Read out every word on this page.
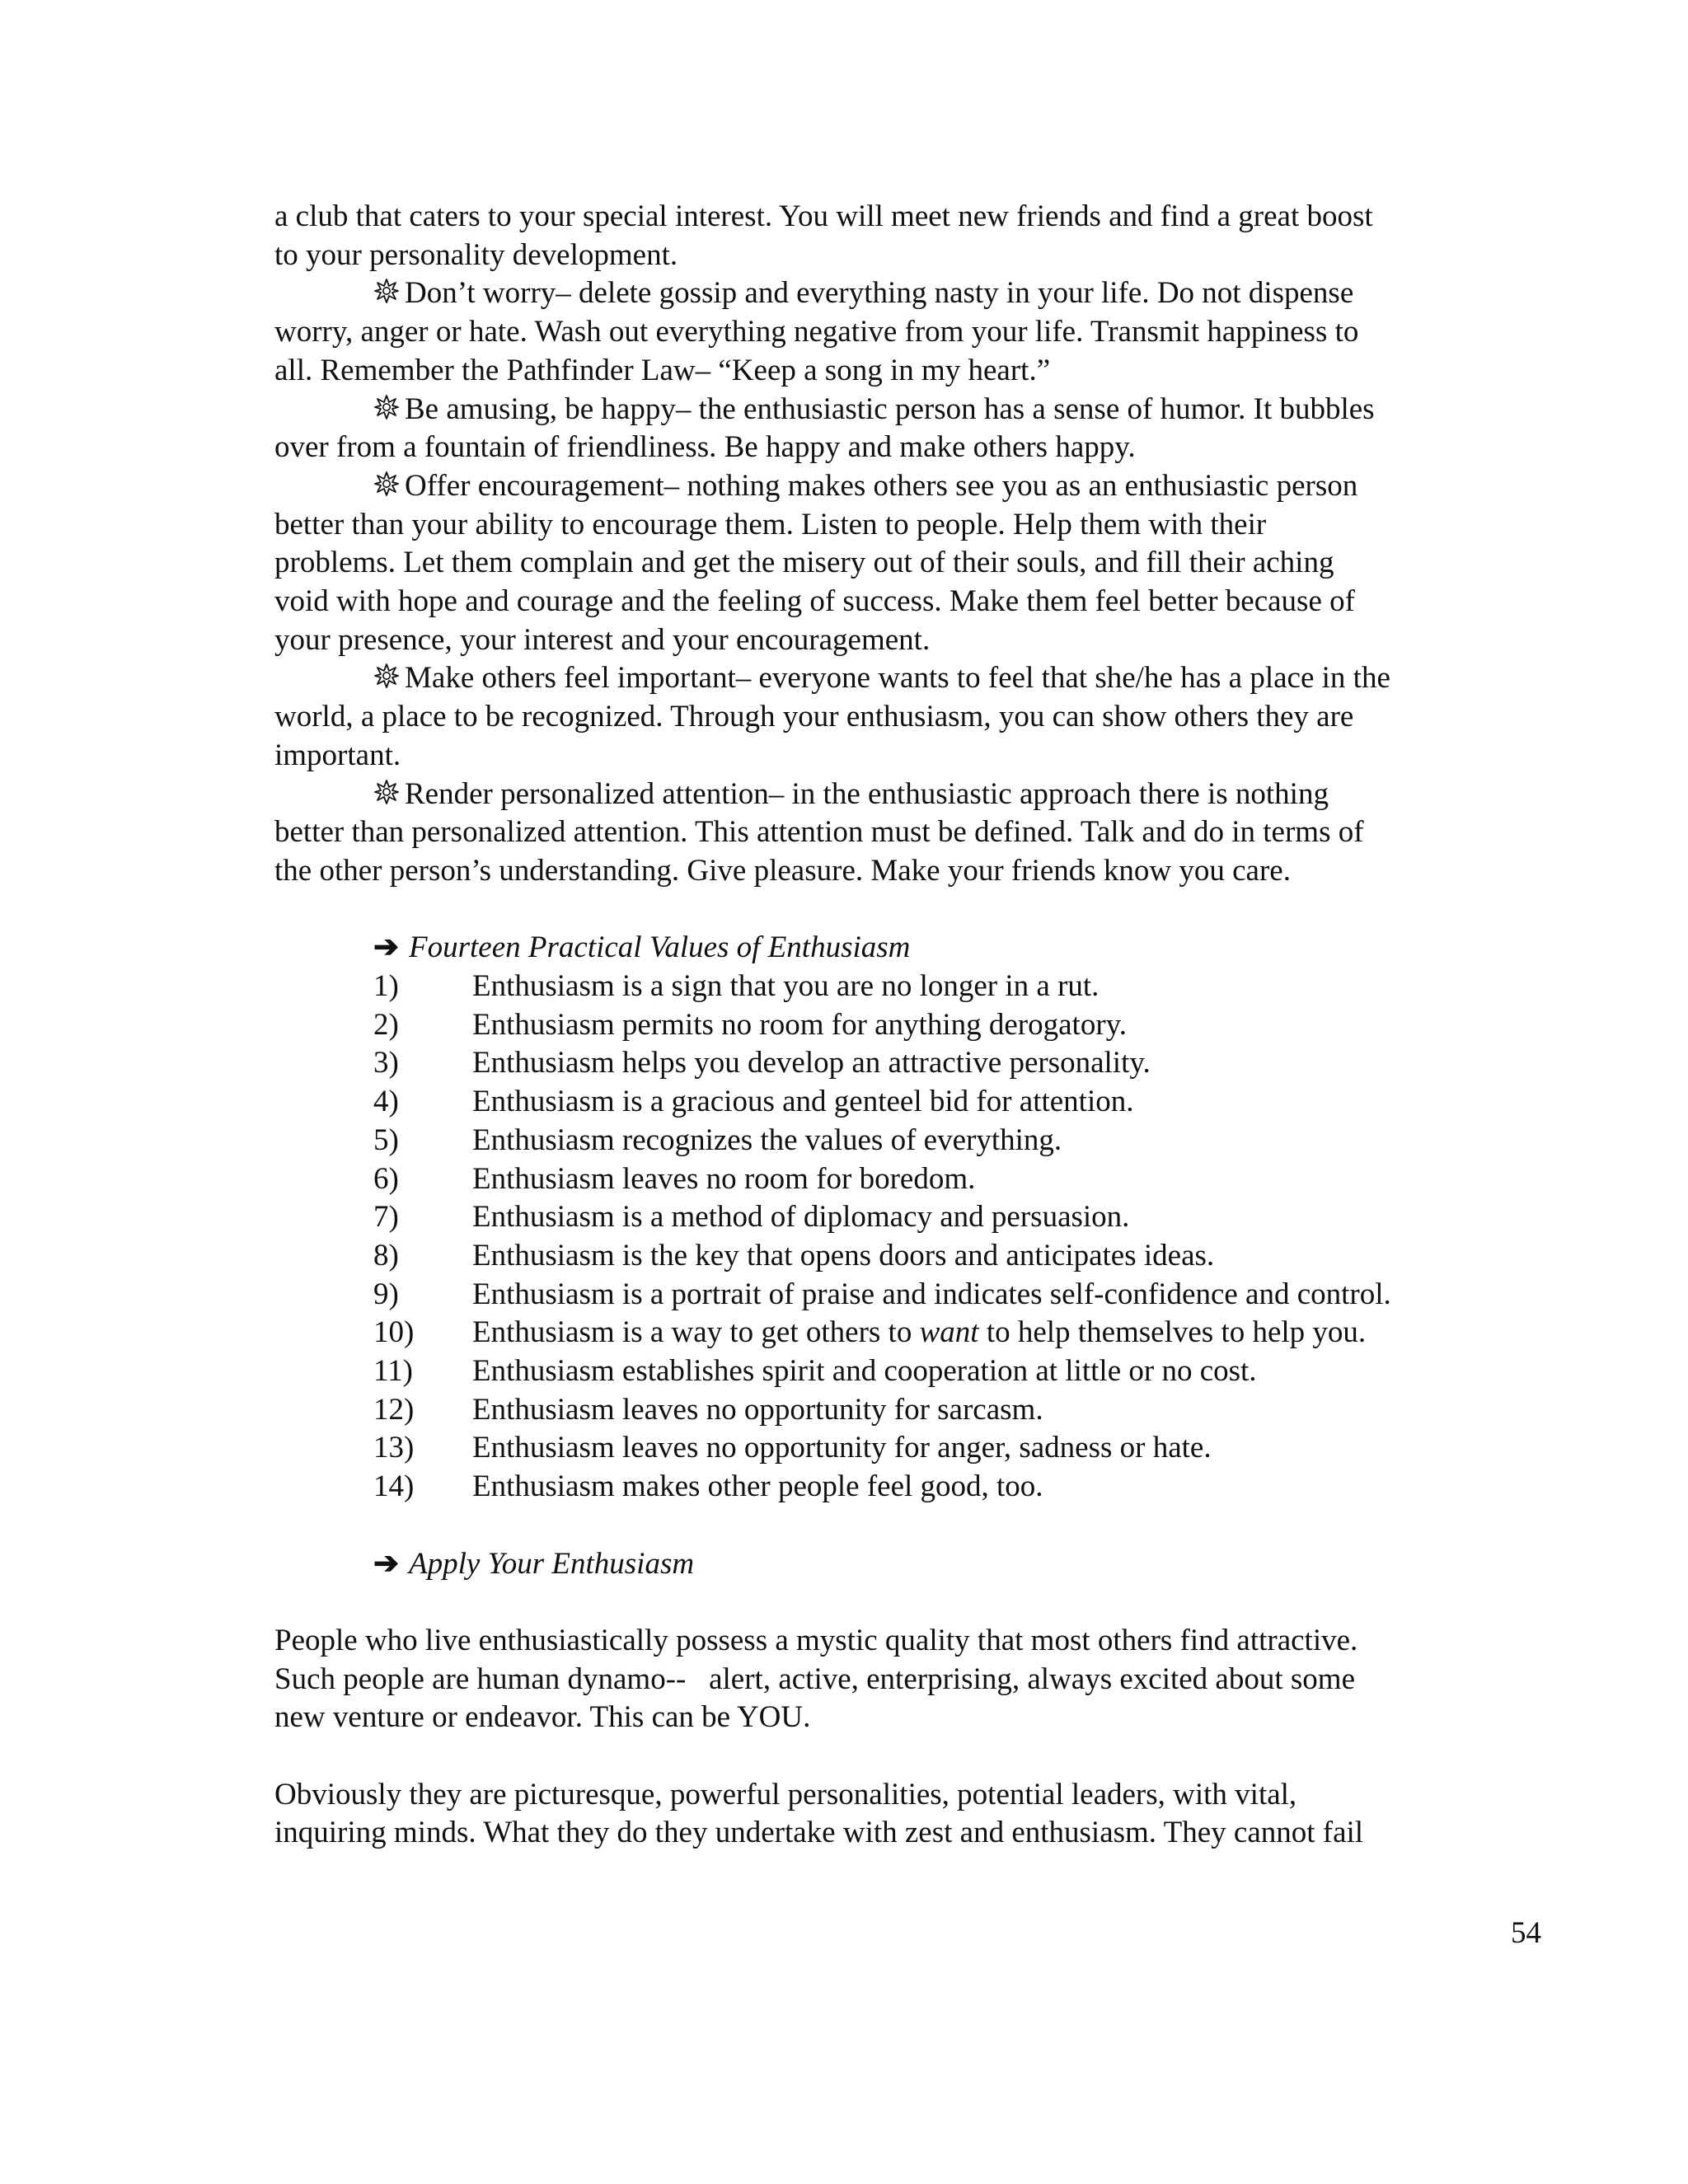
a club that caters to your special interest. You will meet new friends and find a great boost
to your personality development.

Don’t worry– delete gossip and everything nasty in your life. Do not dispense
worry, anger or hate. Wash out everything negative from your life. Transmit happiness to
all. Remember the Pathfinder Law– “Keep a song in my heart.”

Be amusing, be happy– the enthusiastic person has a sense of humor. It bubbles
over from a fountain of friendliness. Be happy and make others happy.

Offer encouragement– nothing makes others see you as an enthusiastic person
better than your ability to encourage them. Listen to people. Help them with their
problems. Let them complain and get the misery out of their souls, and fill their aching
void with hope and courage and the feeling of success. Make them feel better because of
your presence, your interest and your encouragement.

Make others feel important– everyone wants to feel that she/he has a place in the
world, a place to be recognized. Through your enthusiasm, you can show others they are
important.

Render personalized attention– in the enthusiastic approach there is nothing
better than personalized attention. This attention must be defined. Talk and do in terms of
the other person’s understanding. Give pleasure. Make your friends know you care.

➔ Fourteen Practical Values of Enthusiasm

1)	Enthusiasm is a sign that you are no longer in a rut.
2)	Enthusiasm permits no room for anything derogatory.
3)	Enthusiasm helps you develop an attractive personality.
4)	Enthusiasm is a gracious and genteel bid for attention.
5)	Enthusiasm recognizes the values of everything.
6)	Enthusiasm leaves no room for boredom.
7)	Enthusiasm is a method of diplomacy and persuasion.
8)	Enthusiasm is the key that opens doors and anticipates ideas.
9)	Enthusiasm is a portrait of praise and indicates self-confidence and control.
10)	Enthusiasm is a way to get others to want to help themselves to help you.
11)	Enthusiasm establishes spirit and cooperation at little or no cost.
12)	Enthusiasm leaves no opportunity for sarcasm.
13)	Enthusiasm leaves no opportunity for anger, sadness or hate.
14)	Enthusiasm makes other people feel good, too.

➔ Apply Your Enthusiasm

People who live enthusiastically possess a mystic quality that most others find attractive.
Such people are human dynamo--   alert, active, enterprising, always excited about some
new venture or endeavor. This can be YOU.

Obviously they are picturesque, powerful personalities, potential leaders, with vital,
inquiring minds. What they do they undertake with zest and enthusiasm. They cannot fail

54
